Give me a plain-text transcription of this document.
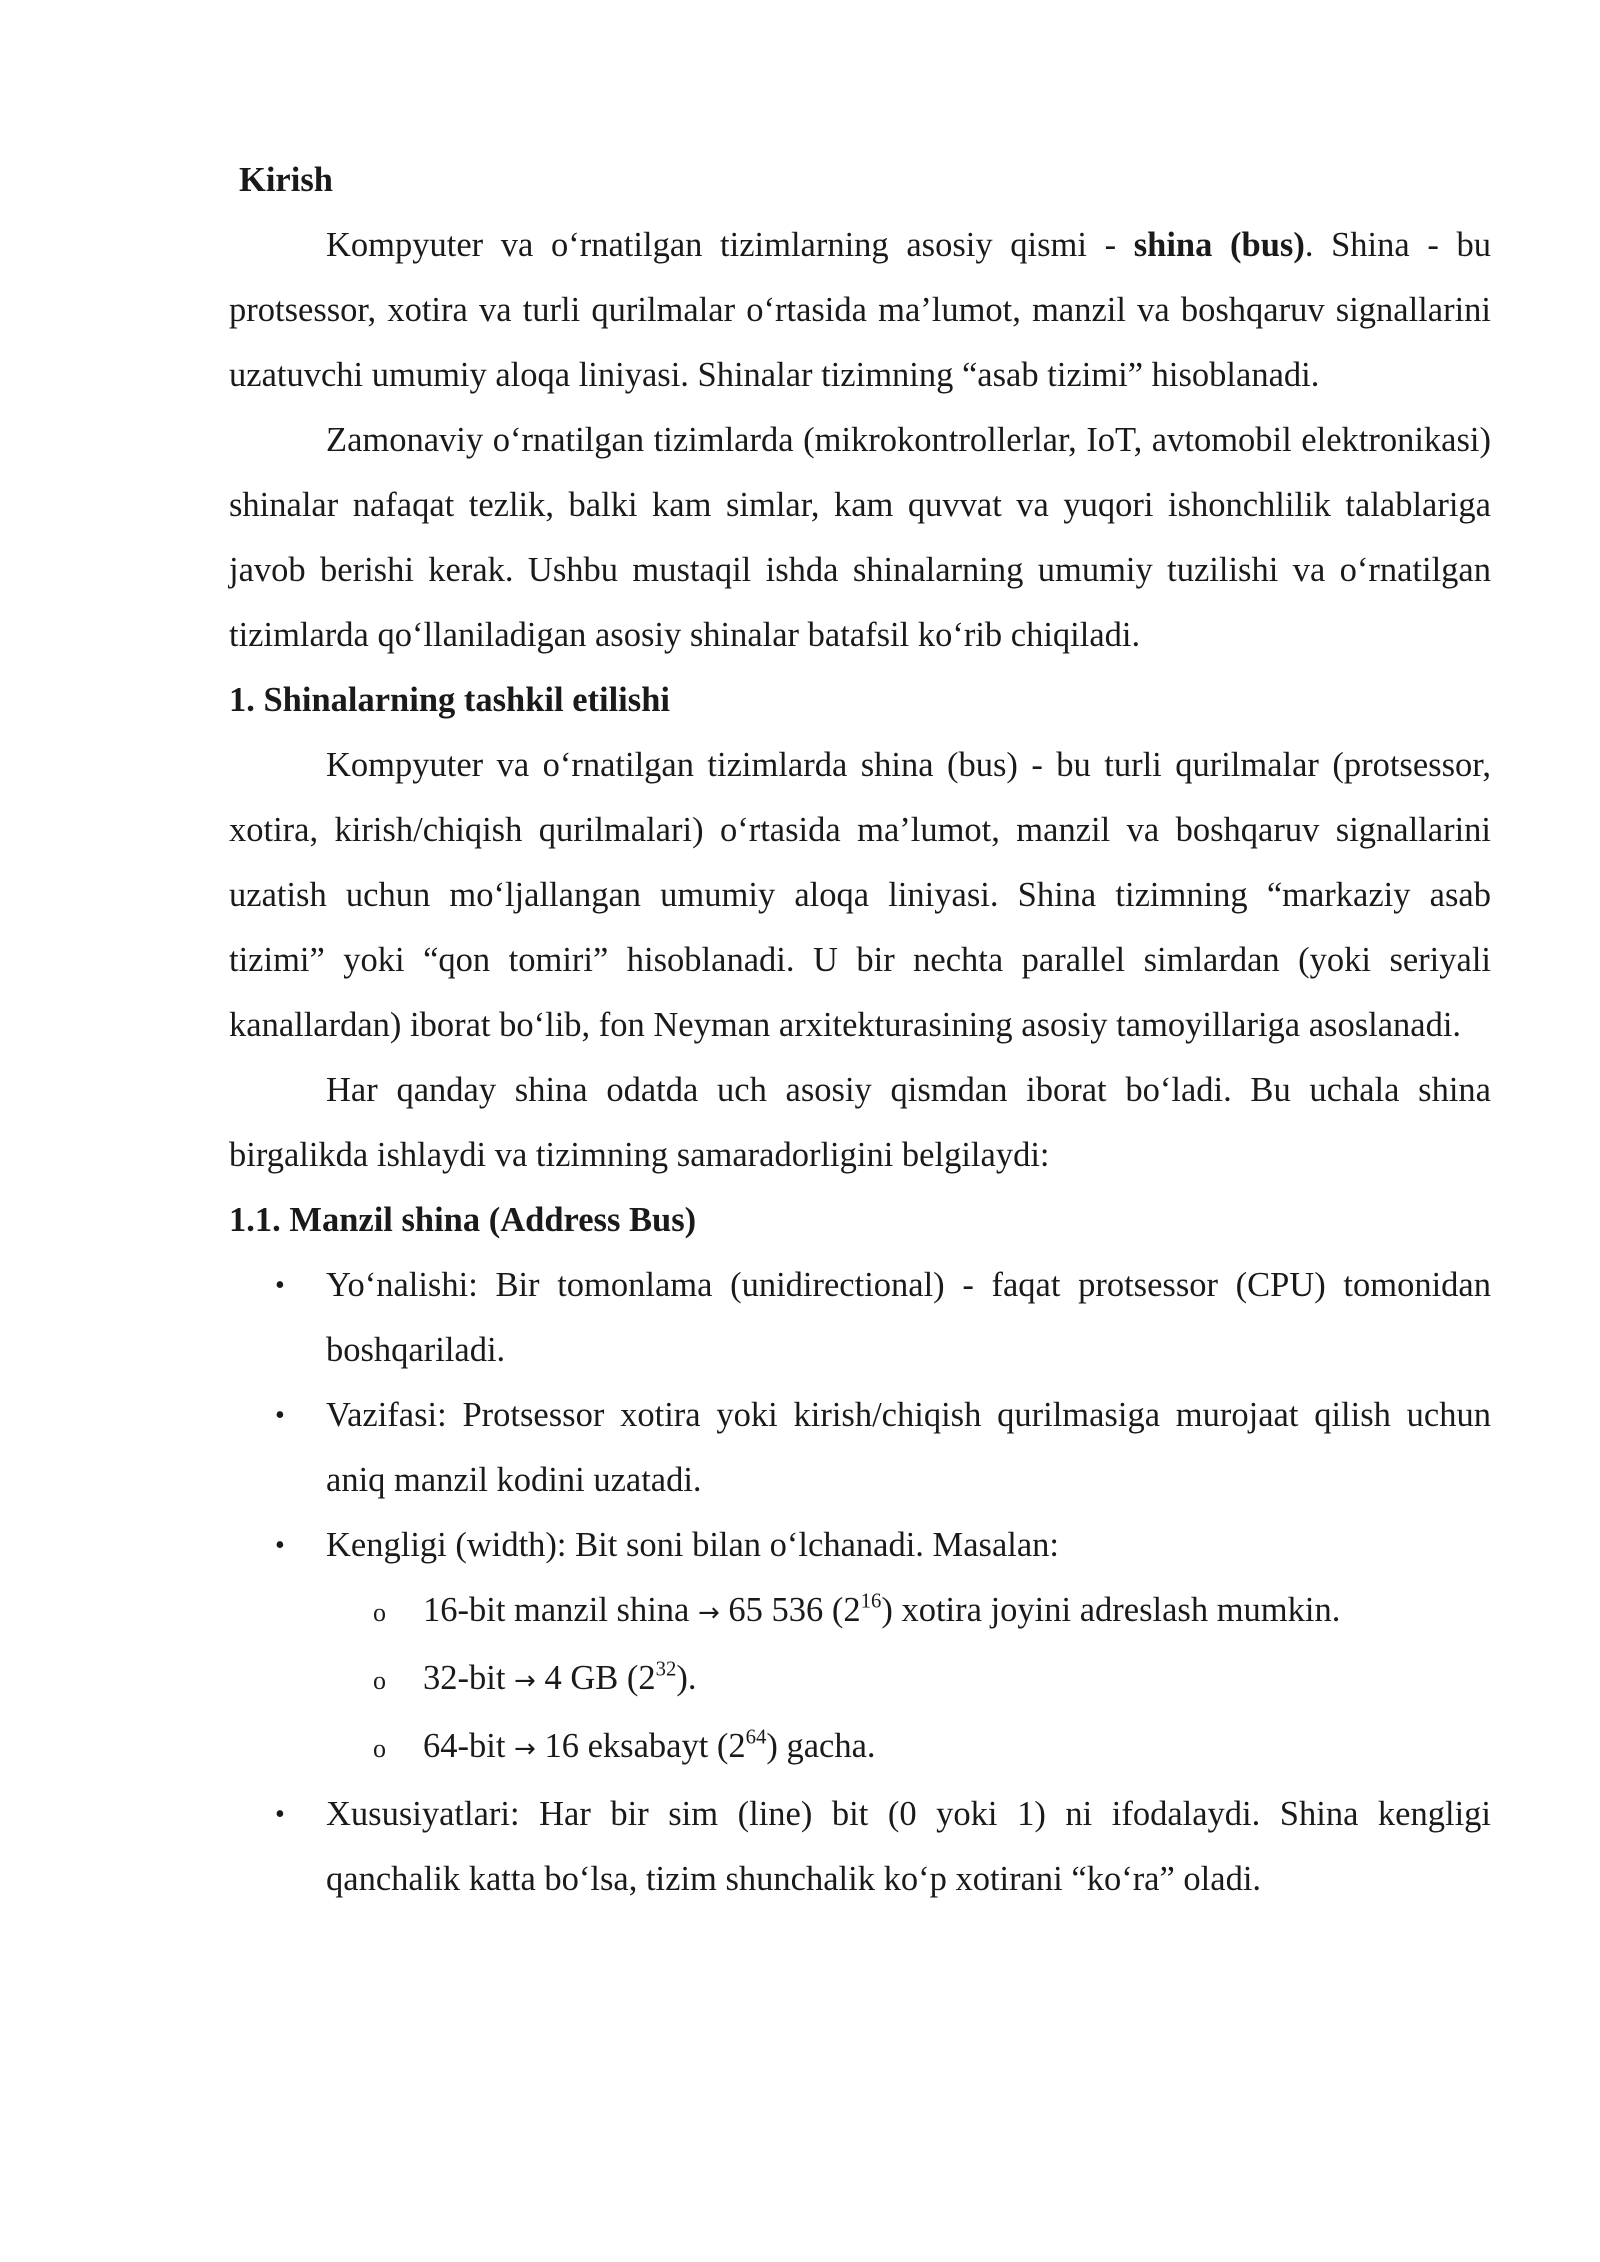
Kirish

Kompyuter va o‘rnatilgan tizimlarning asosiy qismi - shina (bus). Shina - bu protsessor, xotira va turli qurilmalar o‘rtasida ma’lumot, manzil va boshqaruv signallarini uzatuvchi umumiy aloqa liniyasi. Shinalar tizimning “asab tizimi” hisoblanadi.

Zamonaviy o‘rnatilgan tizimlarda (mikrokontrollerlar, IoT, avtomobil elektronikasi) shinalar nafaqat tezlik, balki kam simlar, kam quvvat va yuqori ishonchlilik talablariga javob berishi kerak. Ushbu mustaqil ishda shinalarning umumiy tuzilishi va o‘rnatilgan tizimlarda qo‘llaniladigan asosiy shinalar batafsil ko‘rib chiqiladi.

1. Shinalarning tashkil etilishi

Kompyuter va o‘rnatilgan tizimlarda shina (bus) - bu turli qurilmalar (protsessor, xotira, kirish/chiqish qurilmalari) o‘rtasida ma’lumot, manzil va boshqaruv signallarini uzatish uchun mo‘ljallangan umumiy aloqa liniyasi. Shina tizimning “markaziy asab tizimi” yoki “qon tomiri” hisoblanadi. U bir nechta parallel simlardan (yoki seriyali kanallardan) iborat bo‘lib, fon Neyman arxitekturasining asosiy tamoyillariga asoslanadi.

Har qanday shina odatda uch asosiy qismdan iborat bo‘ladi. Bu uchala shina birgalikda ishlaydi va tizimning samaradorligini belgilaydi:

1.1. Manzil shina (Address Bus)

• Yo‘nalishi: Bir tomonlama (unidirectional) - faqat protsessor (CPU) tomonidan boshqariladi.
• Vazifasi: Protsessor xotira yoki kirish/chiqish qurilmasiga murojaat qilish uchun aniq manzil kodini uzatadi.
• Kengligi (width): Bit soni bilan o‘lchanadi. Masalan:
o 16-bit manzil shina → 65 536 $(2^{16})$ xotira joyini adreslash mumkin.
o 32-bit → 4 GB $(2^{32})$.
o 64-bit → 16 eksabayt $(2^{64})$ gacha.
• Xususiyatlari: Har bir sim (line) bit (0 yoki 1) ni ifodalaydi. Shina kengligi qanchalik katta bo‘lsa, tizim shunchalik ko‘p xotirani “ko‘ra” oladi.
